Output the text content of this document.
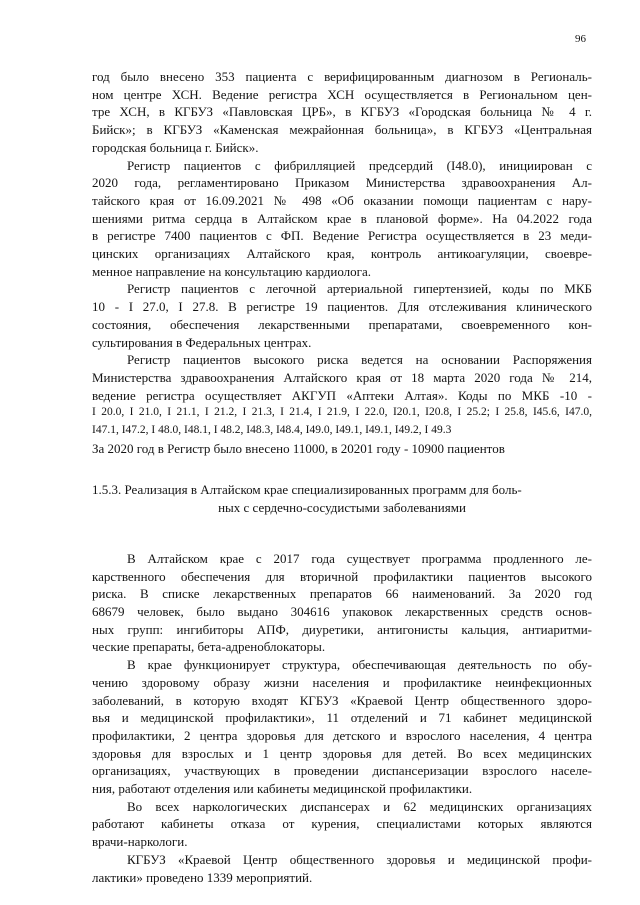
96
год было внесено 353 пациента с верифицированным диагнозом в Региональ-
ном центре ХСН. Ведение регистра ХСН осуществляется в Региональном цен-
тре ХСН, в КГБУЗ «Павловская ЦРБ», в КГБУЗ «Городская больница № 4 г.
Бийск»; в КГБУЗ «Каменская межрайонная больница», в КГБУЗ «Центральная
городская больница г. Бийск».
Регистр пациентов с фибрилляцией предсердий (I48.0), инициирован с
2020 года, регламентировано Приказом Министерства здравоохранения Ал-
тайского края от 16.09.2021 № 498 «Об оказании помощи пациентам с нару-
шениями ритма сердца в Алтайском крае в плановой форме». На 04.2022 года
в регистре 7400 пациентов с ФП. Ведение Регистра осуществляется в 23 меди-
цинских организациях Алтайского края, контроль антикоагуляции, своевре-
менное направление на консультацию кардиолога.
Регистр пациентов с легочной артериальной гипертензией, коды по МКБ
10 - I 27.0, I 27.8. В регистре 19 пациентов. Для отслеживания клинического
состояния, обеспечения лекарственными препаратами, своевременного кон-
сультирования в Федеральных центрах.
Регистр пациентов высокого риска ведется на основании Распоряжения
Министерства здравоохранения Алтайского края от 18 марта 2020 года № 214,
ведение регистра осуществляет АКГУП «Аптеки Алтая». Коды по МКБ -10 -
I 20.0, I 21.0, I 21.1, I 21.2, I 21.3, I 21.4, I 21.9, I 22.0, I20.1, I20.8, I 25.2; I 25.8, I45.6, I47.0,
I47.1, I47.2, I 48.0, I48.1, I 48.2, I48.3, I48.4, I49.0, I49.1, I49.1, I49.2, I 49.3
За 2020 год в Регистр было внесено 11000, в 20201 году - 10900 пациентов
1.5.3. Реализация в Алтайском крае специализированных программ для боль-
ных с сердечно-сосудистыми заболеваниями
В Алтайском крае с 2017 года существует программа продленного ле-
карственного обеспечения для вторичной профилактики пациентов высокого
риска. В списке лекарственных препаратов 66 наименований. За 2020 год
68679 человек, было выдано 304616 упаковок лекарственных средств основ-
ных групп: ингибиторы АПФ, диуретики, антигонисты кальция, антиаритми-
ческие препараты, бета-адреноблокаторы.
В крае функционирует структура, обеспечивающая деятельность по обу-
чению здоровому образу жизни населения и профилактике неинфекционных
заболеваний, в которую входят КГБУЗ «Краевой Центр общественного здоро-
вья и медицинской профилактики», 11 отделений и 71 кабинет медицинской
профилактики, 2 центра здоровья для детского и взрослого населения, 4 центра
здоровья для взрослых и 1 центр здоровья для детей. Во всех медицинских
организациях, участвующих в проведении диспансеризации взрослого населе-
ния, работают отделения или кабинеты медицинской профилактики.
Во всех наркологических диспансерах и 62 медицинских организациях
работают кабинеты отказа от курения, специалистами которых являются
врачи-наркологи.
КГБУЗ «Краевой Центр общественного здоровья и медицинской профи-
лактики» проведено 1339 мероприятий.
